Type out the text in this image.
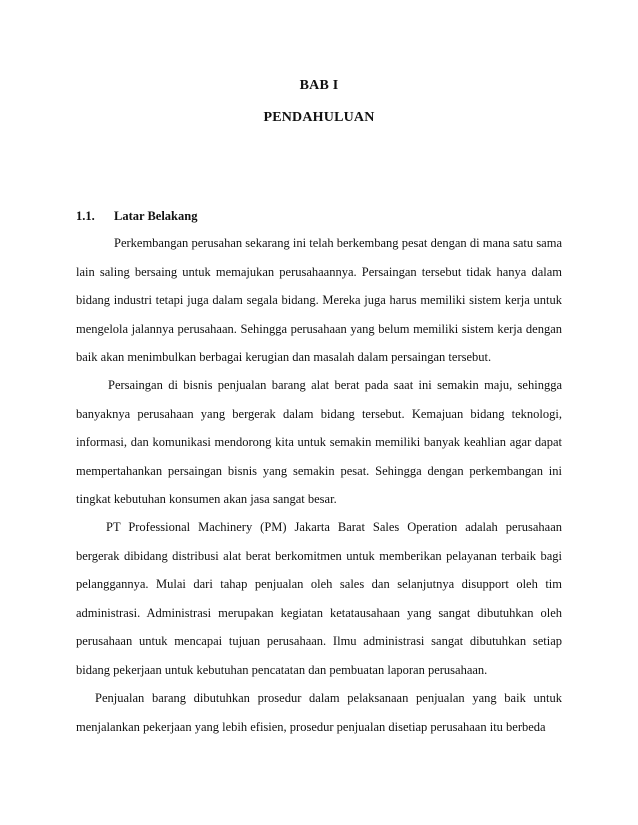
BAB I
PENDAHULUAN
1.1. Latar Belakang

Perkembangan perusahan sekarang ini telah berkembang pesat dengan di mana satu sama lain saling bersaing untuk memajukan perusahaannya. Persaingan tersebut tidak hanya dalam bidang industri tetapi juga dalam segala bidang. Mereka juga harus memiliki sistem kerja untuk mengelola jalannya perusahaan. Sehingga perusahaan yang belum memiliki sistem kerja dengan baik akan menimbulkan berbagai kerugian dan masalah dalam persaingan tersebut.

Persaingan di bisnis penjualan barang alat berat pada saat ini semakin maju, sehingga banyaknya perusahaan yang bergerak dalam bidang tersebut. Kemajuan bidang teknologi, informasi, dan komunikasi mendorong kita untuk semakin memiliki banyak keahlian agar dapat mempertahankan persaingan bisnis yang semakin pesat. Sehingga dengan perkembangan ini tingkat kebutuhan konsumen akan jasa sangat besar.

PT Professional Machinery (PM) Jakarta Barat Sales Operation adalah perusahaan bergerak dibidang distribusi alat berat berkomitmen untuk memberikan pelayanan terbaik bagi pelanggannya. Mulai dari tahap penjualan oleh sales dan selanjutnya disupport oleh tim administrasi. Administrasi merupakan kegiatan ketatausahaan yang sangat dibutuhkan oleh perusahaan untuk mencapai tujuan perusahaan. Ilmu administrasi sangat dibutuhkan setiap bidang pekerjaan untuk kebutuhan pencatatan dan pembuatan laporan perusahaan.

Penjualan barang dibutuhkan prosedur dalam pelaksanaan penjualan yang baik untuk menjalankan pekerjaan yang lebih efisien, prosedur penjualan disetiap perusahaan itu berbeda
